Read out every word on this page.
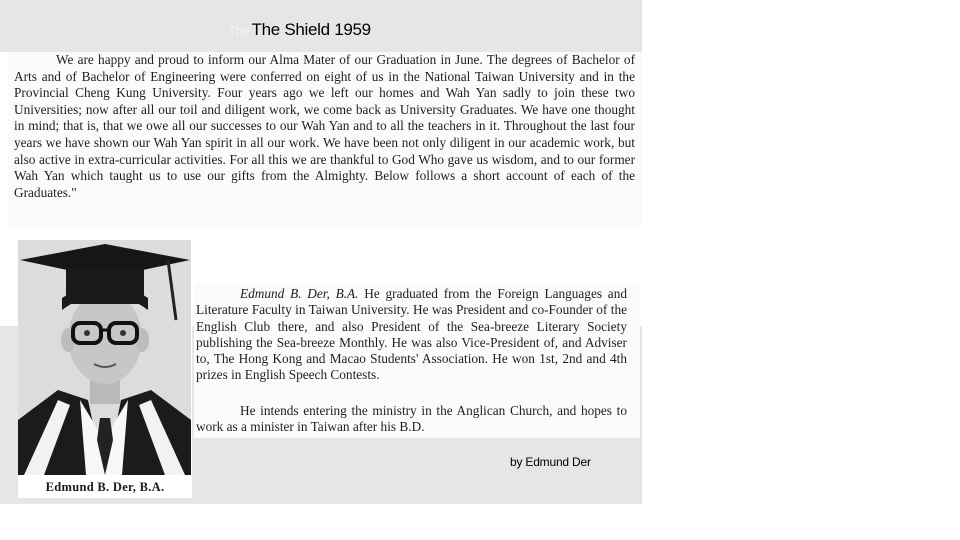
The The Shield 1959

We are happy and proud to inform our Alma Mater of our Graduation in June. The degrees of Bachelor of Arts and of Bachelor of Engineering were conferred on eight of us in the National Taiwan University and in the Provincial Cheng Kung University. Four years ago we left our homes and Wah Yan sadly to join these two Universities; now after all our toil and diligent work, we come back as University Graduates. We have one thought in mind; that is, that we owe all our successes to our Wah Yan and to all the teachers in it. Throughout the last four years we have shown our Wah Yan spirit in all our work. We have been not only diligent in our academic work, but also active in extra-curricular activities. For all this we are thankful to God Who gave us wisdom, and to our former Wah Yan which taught us to use our gifts from the Almighty. Below follows a short account of each of the Graduates."

Edmund B. Der, B.A.

Edmund B. Der, B.A. He graduated from the Foreign Languages and Literature Faculty in Taiwan University. He was President and co-Founder of the English Club there, and also President of the Sea-breeze Literary Society publishing the Sea-breeze Monthly. He was also Vice-President of, and Adviser to, The Hong Kong and Macao Students' Association. He won 1st, 2nd and 4th prizes in English Speech Contests.

He intends entering the ministry in the Anglican Church, and hopes to work as a minister in Taiwan after his B.D.

by Edmund Der
